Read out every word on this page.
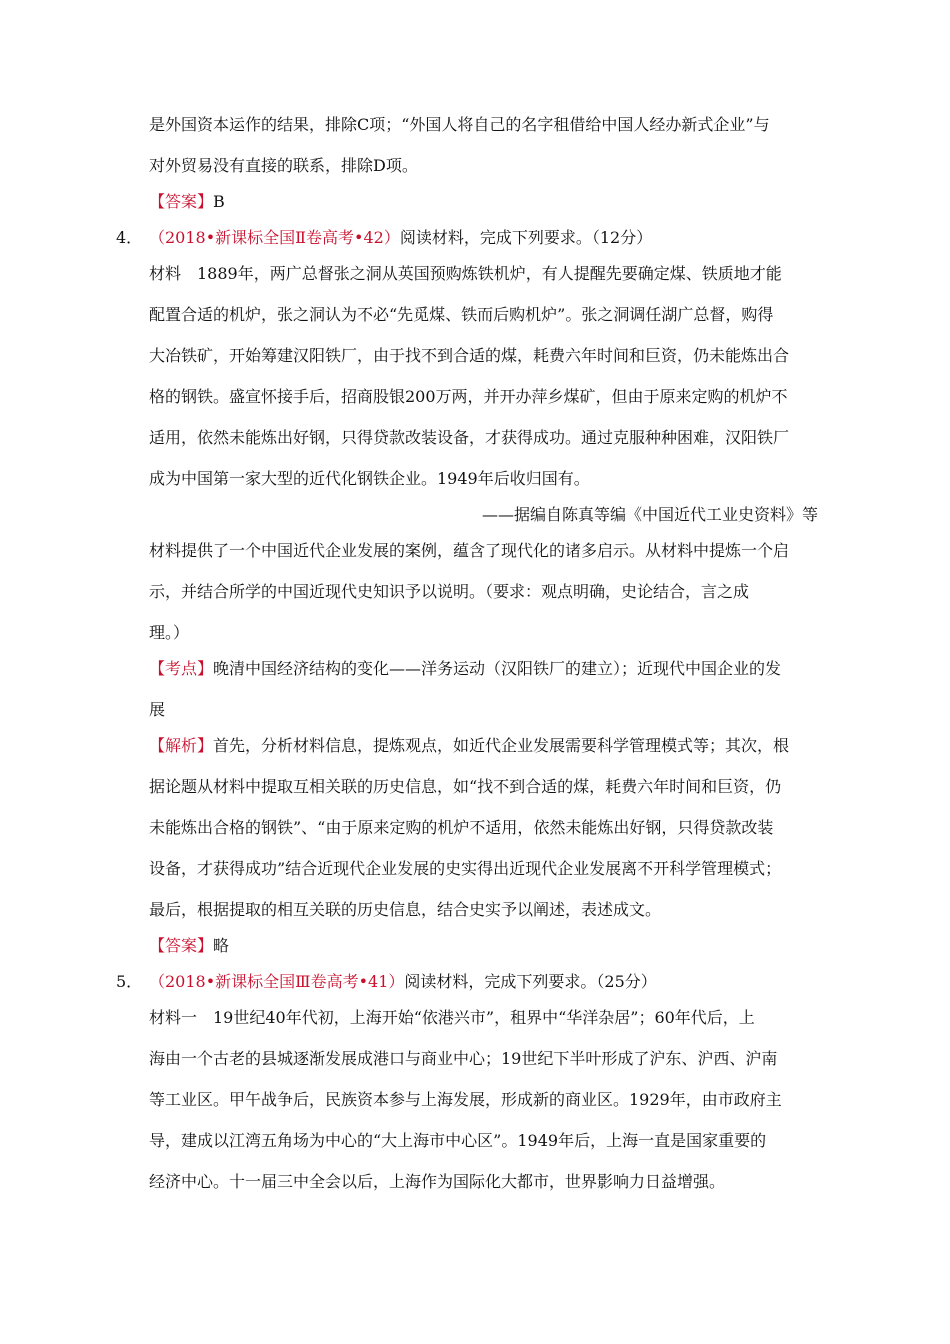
是外国资本运作的结果，排除C项；“外国人将自己的名字租借给中国人经办新式企业”与
对外贸易没有直接的联系，排除D项。
【答案】B
4． （2018•新课标全国Ⅱ卷高考•42）阅读材料，完成下列要求。（12分）
材料　1889年，两广总督张之洞从英国预购炼铁机炉，有人提醒先要确定煤、铁质地才能
配置合适的机炉，张之洞认为不必“先觅煤、铁而后购机炉”。张之洞调任湖广总督，购得
大冶铁矿，开始筹建汉阳铁厂，由于找不到合适的煤，耗费六年时间和巨资，仍未能炼出合
格的钢铁。盛宣怀接手后，招商股银200万两，并开办萍乡煤矿，但由于原来定购的机炉不
适用，依然未能炼出好钢，只得贷款改装设备，才获得成功。通过克服种种困难，汉阳铁厂
成为中国第一家大型的近代化钢铁企业。1949年后收归国有。
——据编自陈真等编《中国近代工业史资料》等
材料提供了一个中国近代企业发展的案例，蕴含了现代化的诸多启示。从材料中提炼一个启
示，并结合所学的中国近现代史知识予以说明。（要求：观点明确，史论结合，言之成
理。）
【考点】晚清中国经济结构的变化——洋务运动（汉阳铁厂的建立）；近现代中国企业的发
展
【解析】首先，分析材料信息，提炼观点，如近代企业发展需要科学管理模式等；其次，根
据论题从材料中提取互相关联的历史信息，如“找不到合适的煤，耗费六年时间和巨资，仍
未能炼出合格的钢铁”、“由于原来定购的机炉不适用，依然未能炼出好钢，只得贷款改装
设备，才获得成功”结合近现代企业发展的史实得出近现代企业发展离不开科学管理模式；
最后，根据提取的相互关联的历史信息，结合史实予以阐述，表述成文。
【答案】略
5． （2018•新课标全国Ⅲ卷高考•41）阅读材料，完成下列要求。（25分）
材料一　19世纪40年代初，上海开始“依港兴市”，租界中“华洋杂居”；60年代后，上
海由一个古老的县城逐渐发展成港口与商业中心；19世纪下半叶形成了沪东、沪西、沪南
等工业区。甲午战争后，民族资本参与上海发展，形成新的商业区。1929年，由市政府主
导，建成以江湾五角场为中心的“大上海市中心区”。1949年后，上海一直是国家重要的
经济中心。十一届三中全会以后，上海作为国际化大都市，世界影响力日益增强。
